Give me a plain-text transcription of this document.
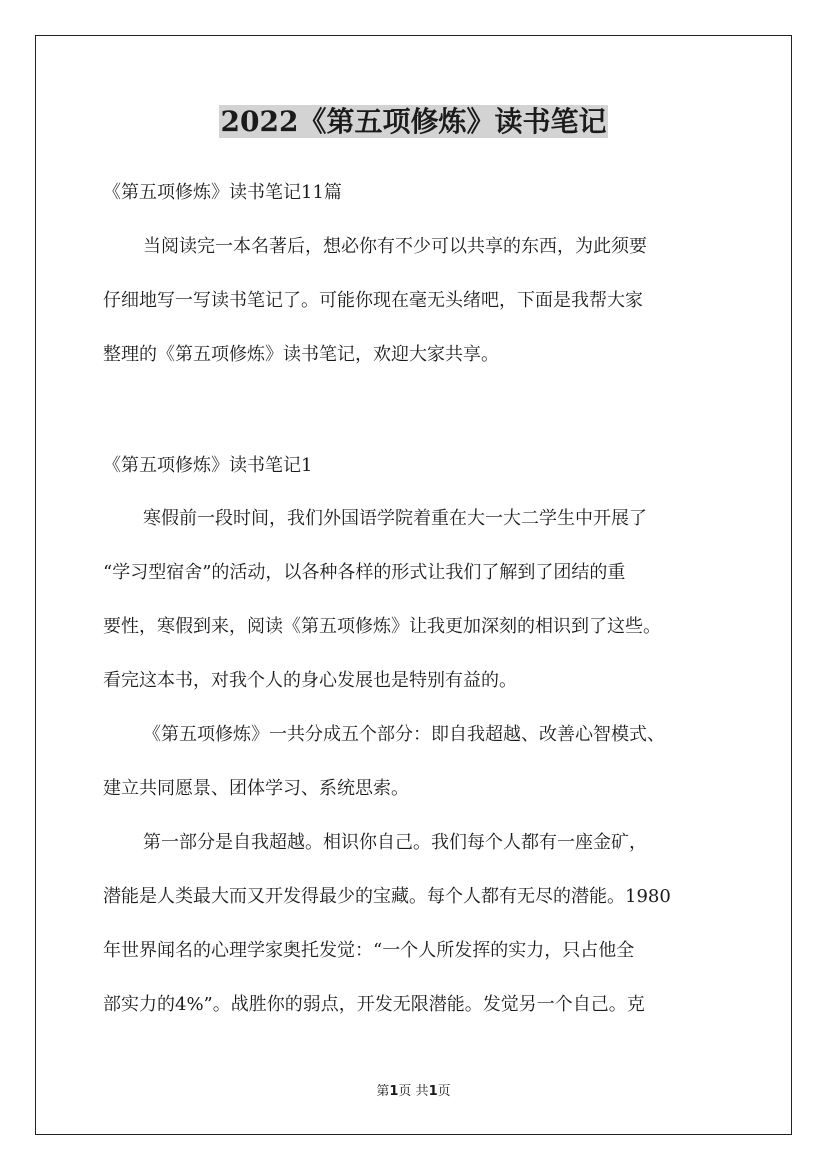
2022《第五项修炼》读书笔记
《第五项修炼》读书笔记11篇
当阅读完一本名著后，想必你有不少可以共享的东西，为此须要
仔细地写一写读书笔记了。可能你现在毫无头绪吧，下面是我帮大家
整理的《第五项修炼》读书笔记，欢迎大家共享。
《第五项修炼》读书笔记1
寒假前一段时间，我们外国语学院着重在大一大二学生中开展了
“学习型宿舍”的活动，以各种各样的形式让我们了解到了团结的重
要性，寒假到来，阅读《第五项修炼》让我更加深刻的相识到了这些。
看完这本书，对我个人的身心发展也是特别有益的。
《第五项修炼》一共分成五个部分：即自我超越、改善心智模式、
建立共同愿景、团体学习、系统思索。
第一部分是自我超越。相识你自己。我们每个人都有一座金矿，
潜能是人类最大而又开发得最少的宝藏。每个人都有无尽的潜能。1980
年世界闻名的心理学家奥托发觉：“一个人所发挥的实力，只占他全
部实力的4%”。战胜你的弱点，开发无限潜能。发觉另一个自己。克
第1页 共1页
